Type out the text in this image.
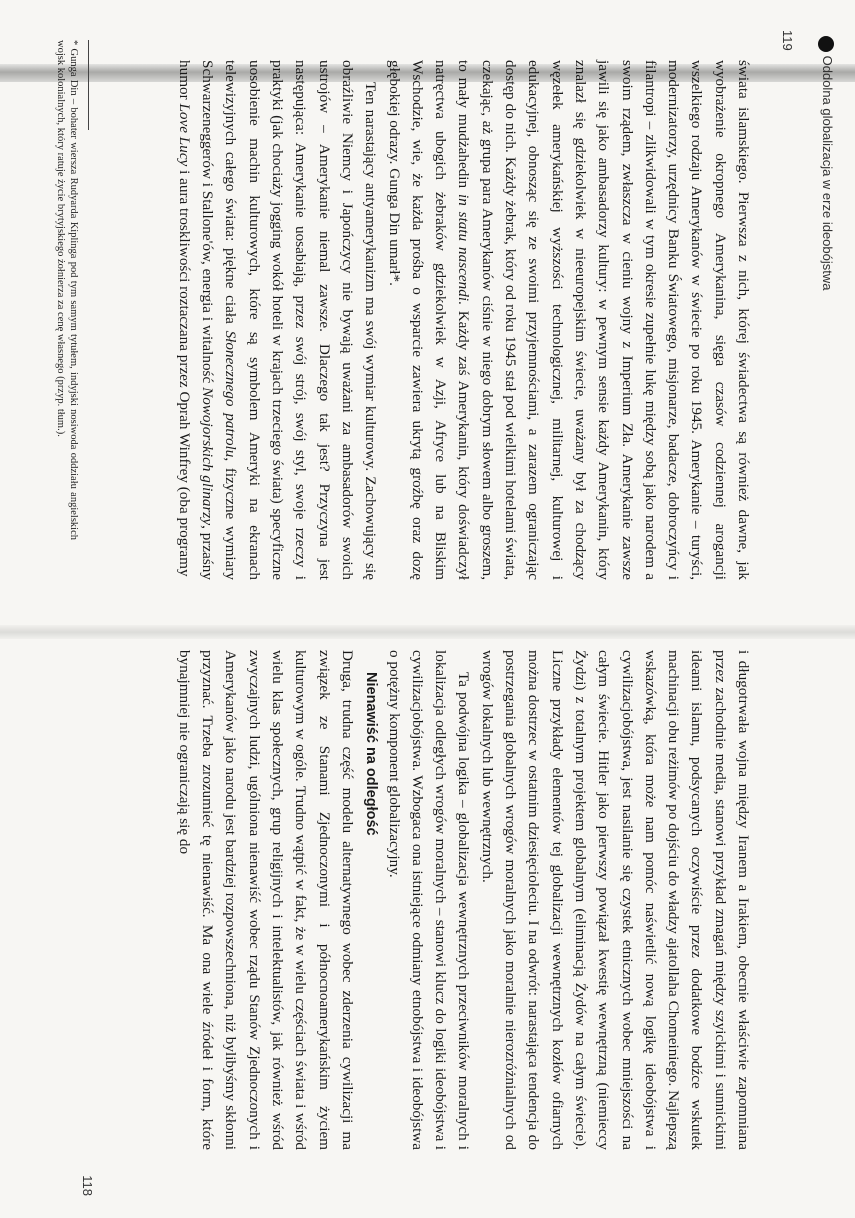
Oddolna globalizacja w erze ideobójstwa
119

świata islamskiego. Pierwsza z nich, której świadectwa są również dawne, jak wyobrażenie okropnego Amerykanina, sięga czasów codziennej arogancji wszelkiego rodzaju Amerykanów w świecie po roku 1945. Amerykanie – turyści, modernizatorzy, urzędnicy Banku Światowego, misjonarze, badacze, dobroczyńcy i filantropi – zlikwidowali w tym okresie zupełnie lukę między sobą jako narodem a swoim rządem, zwłaszcza w cieniu wojny z Imperium Zła. Amerykanie zawsze jawili się jako ambasadorzy kultury: w pewnym sensie każdy Amerykanin, który znalazł się gdziekolwiek w nieeuropejskim świecie, uważany był za chodzący węzełek amerykańskiej wyższości technologicznej, militarnej, kulturowej i edukacyjnej, obnosząc się ze swoimi przyjemnościami, a zarazem ograniczając dostęp do nich. Każdy żebrak, który od roku 1945 stał pod wielkimi hotelami świata, czekając, aż grupa para Amerykanów ciśnie w niego dobrym słowem albo groszem, to mały mudżahedin in statu nascendi. Każdy zaś Amerykanin, który doświadczył natręctwa ubogich żebraków gdziekolwiek w Azji, Afryce lub na Bliskim Wschodzie, wie, że każda prośba o wsparcie zawiera ukrytą groźbę oraz dozę głębokiej odrazy. Gunga Din umarł*.

Ten narastający antyamerykanizm ma swój wymiar kulturowy. Zachowujący się obraźliwie Niemcy i Japończycy nie bywają uważani za ambasadorów swoich ustrojów – Amerykanie niemal zawsze. Dlaczego tak jest? Przyczyna jest następująca: Amerykanie uosabiają, przez swój strój, swój styl, swoje rzeczy i praktyki (jak chociaży jogging wokół hoteli w krajach trzeciego świata) specyficzne uosobienie machin kulturowych, które są symbolem Ameryki na ekranach telewizyjnych całego świata: piękne ciała Słonecznego patrolu, fizyczne wymiary Schwarzeneggerów i Stallone'ów, energia i witalność Nowojorskich glinarzy, przaśny humor Love Lucy i aura troskliwości roztaczana przez Oprah Winfrey (oba programy

* Gunga Din – bohater wiersza Rudyarda Kiplinga pod tym samym tytułem, indyjski nosiwoda oddziału angielskich wojsk kolonialnych, który ratuje życie brytyjskiego żołnierza za cenę własnego (przyp. tłum.).
118

i długotrwała wojna między Iranem a Irakiem, obecnie właściwie zapomniana przez zachodnie media, stanowi przykład zmagań między szyickimi i sunnickimi ideami islamu, podsycanych oczywiście przez dodatkowe bodźce wskutek machinacji obu reżimów po dojściu do władzy ajatollaha Chomeiniego. Najlepszą wskazówką, która może nam pomóc naświetlić nową logikę ideobójstwa i cywilizacjobójstwa, jest nasilanie się czystek etnicznych wobec mniejszości na całym świecie. Hitler jako pierwszy powiązał kwestię wewnętrzną (niemieccy Żydzi) z totalnym projektem globalnym (eliminacją Żydów na całym świecie). Liczne przykłady elementów tej globalizacji wewnętrznych kozłów ofiarnych można dostrzec w ostatnim dziesięcioleciu. I na odwrót: narastająca tendencja do postrzegania globalnych wrogów moralnych jako moralnie nierozróżnialnych od wrogów lokalnych lub wewnętrznych.

Ta podwójna logika – globalizacja wewnętrznych przeciwników moralnych i lokalizacja odległych wrogów moralnych – stanowi klucz do logiki ideobójstwa i cywilizacjobójstwa. Wzbogaca ona istniejące odmiany etnobójstwa i ideobójstwa o potężny komponent globalizacyjny.

Nienawiść na odległość

Druga, trudna część modelu alternatywnego wobec zderzenia cywilizacji ma związek ze Stanami Zjednoczonymi i północnoamerykańskim życiem kulturowym w ogóle. Trudno wątpić w fakt, że w wielu częściach świata i wśród wielu klas społecznych, grup religijnych i intelektualistów, jak również wśród zwyczajnych ludzi, ugólniona nienawiść wobec rządu Stanów Zjednoczonych i Amerykanów jako narodu jest bardziej rozpowszechniona, niż bylibyśmy skłonni przyznać. Trzeba zrozumieć tę nienawiść. Ma ona wiele źródeł i form, które bynajmniej nie ograniczają się do
